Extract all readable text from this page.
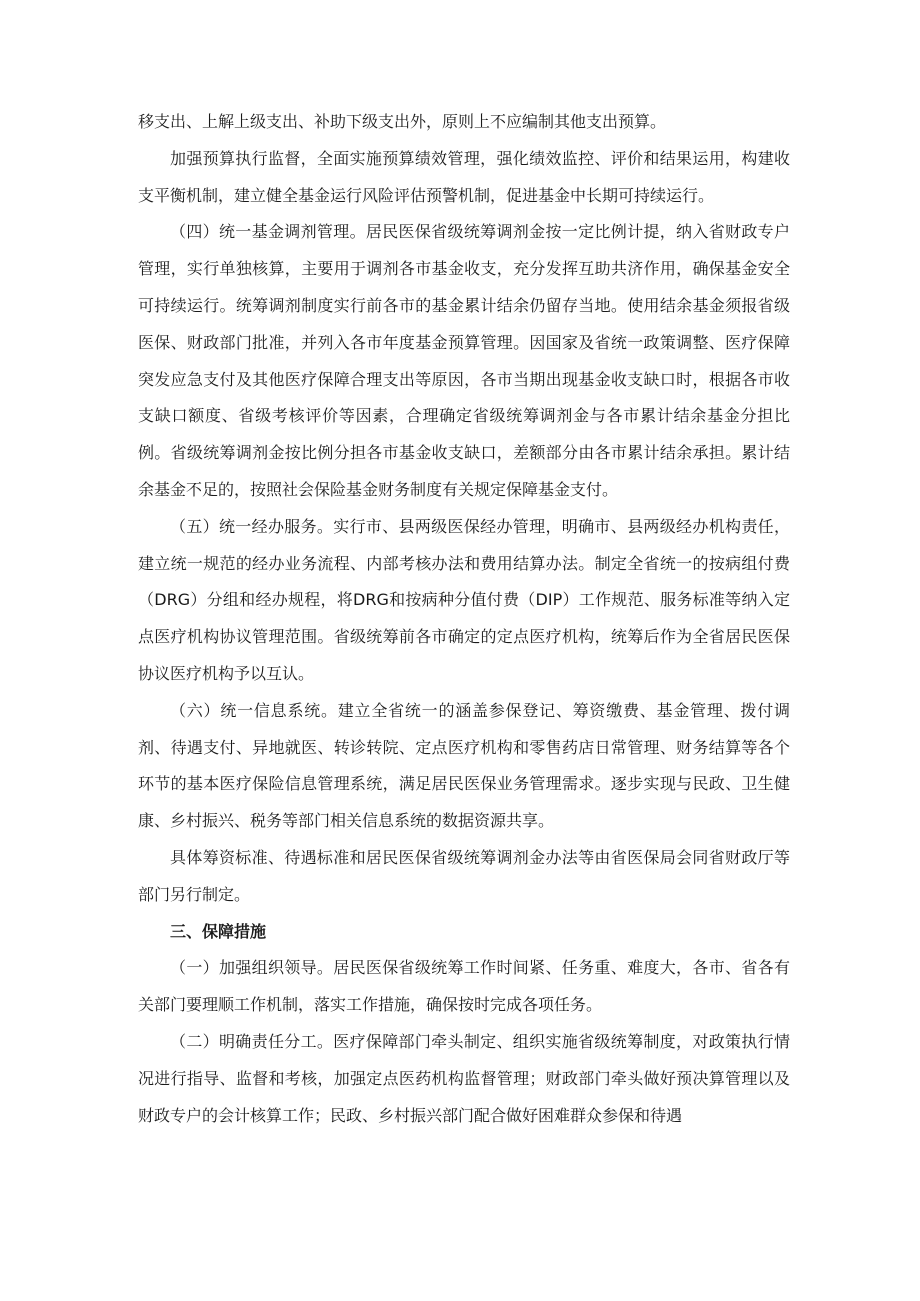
移支出、上解上级支出、补助下级支出外，原则上不应编制其他支出预算。

加强预算执行监督，全面实施预算绩效管理，强化绩效监控、评价和结果运用，构建收支平衡机制，建立健全基金运行风险评估预警机制，促进基金中长期可持续运行。

（四）统一基金调剂管理。居民医保省级统筹调剂金按一定比例计提，纳入省财政专户管理，实行单独核算，主要用于调剂各市基金收支，充分发挥互助共济作用，确保基金安全可持续运行。统筹调剂制度实行前各市的基金累计结余仍留存当地。使用结余基金须报省级医保、财政部门批准，并列入各市年度基金预算管理。因国家及省统一政策调整、医疗保障突发应急支付及其他医疗保障合理支出等原因，各市当期出现基金收支缺口时，根据各市收支缺口额度、省级考核评价等因素，合理确定省级统筹调剂金与各市累计结余基金分担比例。省级统筹调剂金按比例分担各市基金收支缺口，差额部分由各市累计结余承担。累计结余基金不足的，按照社会保险基金财务制度有关规定保障基金支付。

（五）统一经办服务。实行市、县两级医保经办管理，明确市、县两级经办机构责任，建立统一规范的经办业务流程、内部考核办法和费用结算办法。制定全省统一的按病组付费（DRG）分组和经办规程，将DRG和按病种分值付费（DIP）工作规范、服务标准等纳入定点医疗机构协议管理范围。省级统筹前各市确定的定点医疗机构，统筹后作为全省居民医保协议医疗机构予以互认。

（六）统一信息系统。建立全省统一的涵盖参保登记、筹资缴费、基金管理、拨付调剂、待遇支付、异地就医、转诊转院、定点医疗机构和零售药店日常管理、财务结算等各个环节的基本医疗保险信息管理系统，满足居民医保业务管理需求。逐步实现与民政、卫生健康、乡村振兴、税务等部门相关信息系统的数据资源共享。

具体筹资标准、待遇标准和居民医保省级统筹调剂金办法等由省医保局会同省财政厅等部门另行制定。

三、保障措施

（一）加强组织领导。居民医保省级统筹工作时间紧、任务重、难度大，各市、省各有关部门要理顺工作机制，落实工作措施，确保按时完成各项任务。

（二）明确责任分工。医疗保障部门牵头制定、组织实施省级统筹制度，对政策执行情况进行指导、监督和考核，加强定点医药机构监督管理；财政部门牵头做好预决算管理以及财政专户的会计核算工作；民政、乡村振兴部门配合做好困难群众参保和待遇
